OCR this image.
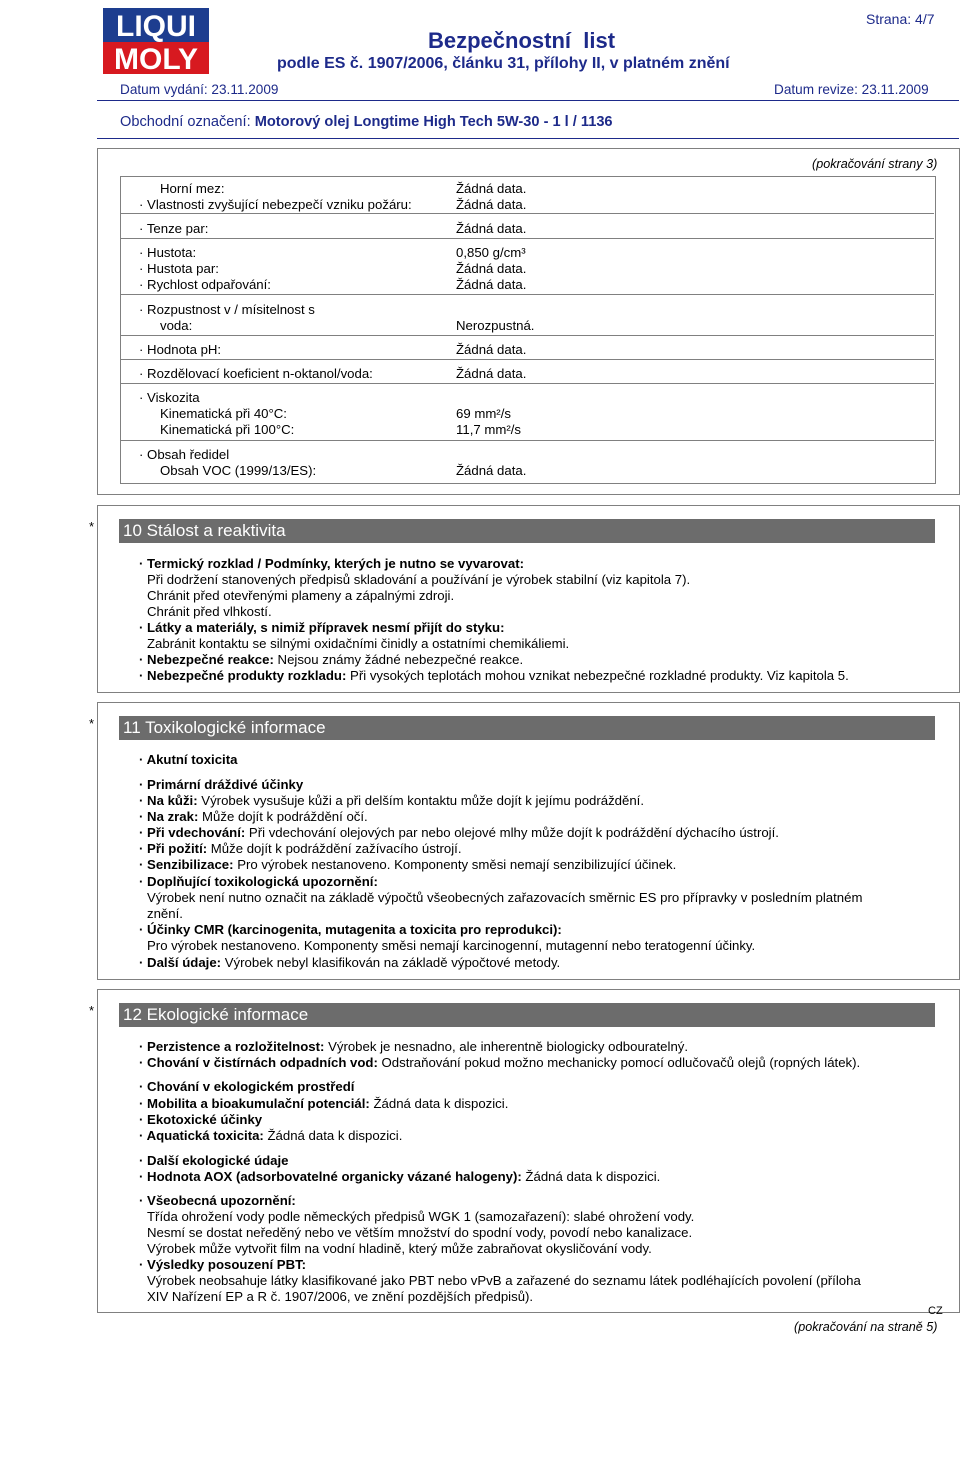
LIQUI
MOLY
Bezpečnostní  list
podle ES č. 1907/2006, článku 31, přílohy II, v platném znění
Strana: 4/7
Datum vydání: 23.11.2009	Datum revize: 23.11.2009
Obchodní označení: Motorový olej Longtime High Tech 5W-30 - 1 l / 1136
(pokračování strany 3)
Horní mez:	Žádná data.
· Vlastnosti zvyšující nebezpečí vzniku požáru:	Žádná data.
· Tenze par:	Žádná data.
· Hustota:	0,850 g/cm³
· Hustota par:	Žádná data.
· Rychlost odpařování:	Žádná data.
· Rozpustnost v / mísitelnost s
voda:	Nerozpustná.
· Hodnota pH:	Žádná data.
· Rozdělovací koeficient n-oktanol/voda:	Žádná data.
· Viskozita
Kinematická při 40°C:	69 mm²/s
Kinematická při 100°C:	11,7 mm²/s
· Obsah ředidel
Obsah VOC (1999/13/ES):	Žádná data.
* 10 Stálost a reaktivita
· Termický rozklad / Podmínky, kterých je nutno se vyvarovat:
Při dodržení stanovených předpisů skladování a používání je výrobek stabilní (viz kapitola 7).
Chránit před otevřenými plameny a zápalnými zdroji.
Chránit před vlhkostí.
· Látky a materiály, s nimiž přípravek nesmí přijít do styku:
Zabránit kontaktu se silnými oxidačními činidly a ostatními chemikáliemi.
· Nebezpečné reakce: Nejsou známy žádné nebezpečné reakce.
· Nebezpečné produkty rozkladu: Při vysokých teplotách mohou vznikat nebezpečné rozkladné produkty. Viz kapitola 5.
* 11 Toxikologické informace
· Akutní toxicita
· Primární dráždivé účinky
· Na kůži: Výrobek vysušuje kůži a při delším kontaktu může dojít k jejímu podráždění.
· Na zrak: Může dojít k podráždění očí.
· Při vdechování: Při vdechování olejových par nebo olejové mlhy může dojít k podráždění dýchacího ústrojí.
· Při požití: Může dojít k podráždění zažívacího ústrojí.
· Senzibilizace: Pro výrobek nestanoveno. Komponenty směsi nemají senzibilizující účinek.
· Doplňující toxikologická upozornění:
Výrobek není nutno označit na základě výpočtů všeobecných zařazovacích směrnic ES pro přípravky v posledním platném
znění.
· Účinky CMR (karcinogenita, mutagenita a toxicita pro reprodukci):
Pro výrobek nestanoveno. Komponenty směsi nemají karcinogenní, mutagenní nebo teratogenní účinky.
· Další údaje: Výrobek nebyl klasifikován na základě výpočtové metody.
* 12 Ekologické informace
· Perzistence a rozložitelnost: Výrobek je nesnadno, ale inherentně biologicky odbouratelný.
· Chování v čistírnách odpadních vod: Odstraňování pokud možno mechanicky pomocí odlučovačů olejů (ropných látek).
· Chování v ekologickém prostředí
· Mobilita a bioakumulační potenciál: Žádná data k dispozici.
· Ekotoxické účinky
· Aquatická toxicita: Žádná data k dispozici.
· Další ekologické údaje
· Hodnota AOX (adsorbovatelné organicky vázané halogeny): Žádná data k dispozici.
· Všeobecná upozornění:
Třída ohrožení vody podle německých předpisů WGK 1 (samozařazení): slabé ohrožení vody.
Nesmí se dostat neředěný nebo ve větším množství do spodní vody, povodí nebo kanalizace.
Výrobek může vytvořit film na vodní hladině, který může zabraňovat okysličování vody.
· Výsledky posouzení PBT:
Výrobek neobsahuje látky klasifikované jako PBT nebo vPvB a zařazené do seznamu látek podléhajících povolení (příloha
XIV Nařízení EP a R č. 1907/2006, ve znění pozdějších předpisů).
CZ
(pokračování na straně 5)
